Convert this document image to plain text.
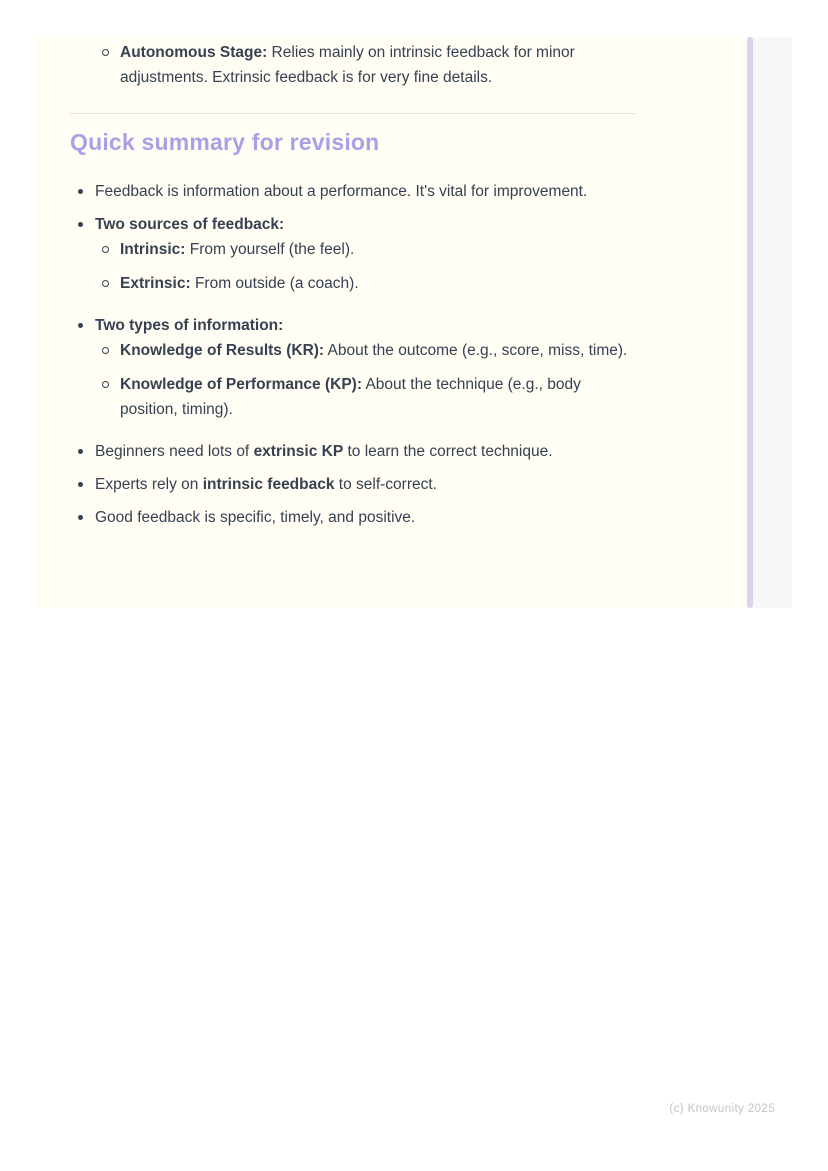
Autonomous Stage: Relies mainly on intrinsic feedback for minor adjustments. Extrinsic feedback is for very fine details.
Quick summary for revision
Feedback is information about a performance. It's vital for improvement.
Two sources of feedback:
Intrinsic: From yourself (the feel).
Extrinsic: From outside (a coach).
Two types of information:
Knowledge of Results (KR): About the outcome (e.g., score, miss, time).
Knowledge of Performance (KP): About the technique (e.g., body position, timing).
Beginners need lots of extrinsic KP to learn the correct technique.
Experts rely on intrinsic feedback to self-correct.
Good feedback is specific, timely, and positive.
(c) Knowunity 2025
